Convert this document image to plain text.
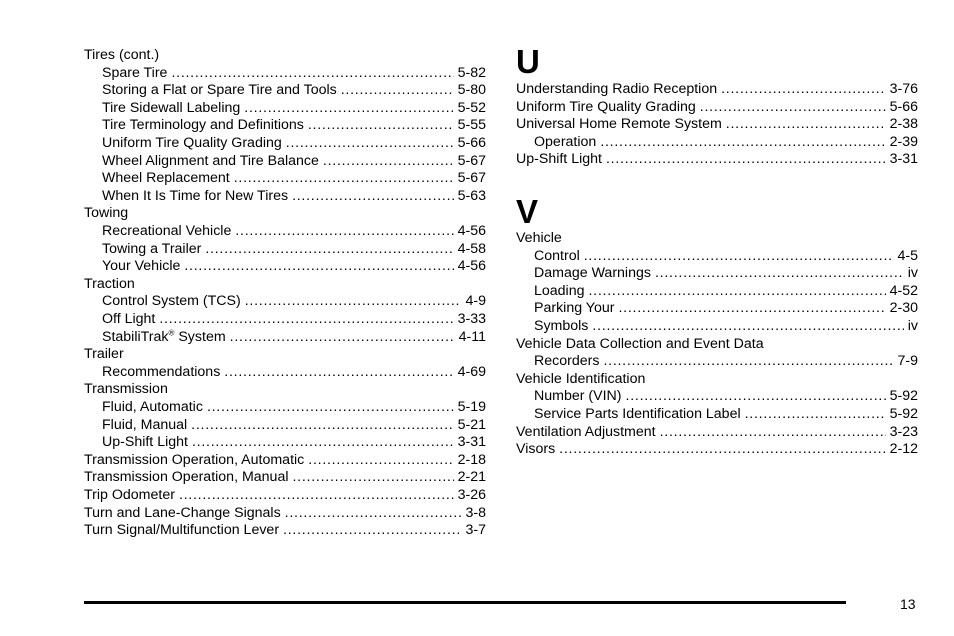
Tires (cont.)
Spare Tire . . .	5-82
Storing a Flat or Spare Tire and Tools . . .	5-80
Tire Sidewall Labeling . . .	5-52
Tire Terminology and Definitions . . .	5-55
Uniform Tire Quality Grading . . .	5-66
Wheel Alignment and Tire Balance . . .	5-67
Wheel Replacement . . .	5-67
When It Is Time for New Tires . . .	5-63
Towing
Recreational Vehicle . . .	4-56
Towing a Trailer . . .	4-58
Your Vehicle . . .	4-56
Traction
Control System (TCS) . . .	4-9
Off Light . . .	3-33
StabiliTrak® System . . .	4-11
Trailer
Recommendations . . .	4-69
Transmission
Fluid, Automatic . . .	5-19
Fluid, Manual . . .	5-21
Up-Shift Light . . .	3-31
Transmission Operation, Automatic . . .	2-18
Transmission Operation, Manual . . .	2-21
Trip Odometer . . .	3-26
Turn and Lane-Change Signals . . .	3-8
Turn Signal/Multifunction Lever . . .	3-7
U
V
Understanding Radio Reception . . .	3-76
Uniform Tire Quality Grading . . .	5-66
Universal Home Remote System . . .	2-38
Operation . . .	2-39
Up-Shift Light . . .	3-31
Vehicle
Control . . .	4-5
Damage Warnings . . .	iv
Loading . . .	4-52
Parking Your . . .	2-30
Symbols . . .	iv
Vehicle Data Collection and Event Data
Recorders . . .	7-9
Vehicle Identification
Number (VIN) . . .	5-92
Service Parts Identification Label . . .	5-92
Ventilation Adjustment . . .	3-23
Visors . . .	2-12
13
